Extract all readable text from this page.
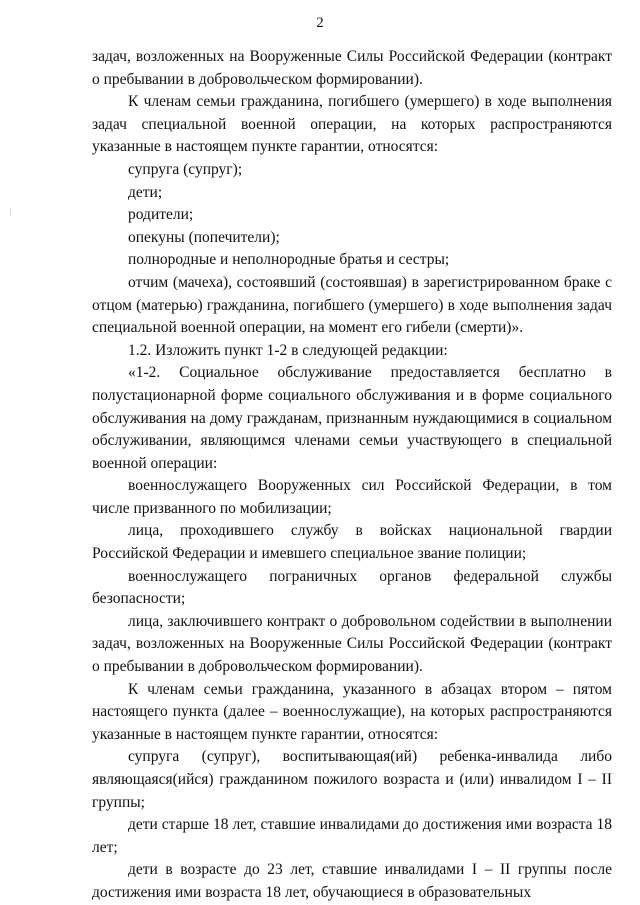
2

задач, возложенных на Вооруженные Силы Российской Федерации (контракт о пребывании в добровольческом формировании).

К членам семьи гражданина, погибшего (умершего) в ходе выполнения задач специальной военной операции, на которых распространяются указанные в настоящем пункте гарантии, относятся:

супруга (супруг);

дети;

родители;

опекуны (попечители);

полнородные и неполнородные братья и сестры;

отчим (мачеха), состоявший (состоявшая) в зарегистрированном браке с отцом (матерью) гражданина, погибшего (умершего) в ходе выполнения задач специальной военной операции, на момент его гибели (смерти)».

1.2. Изложить пункт 1-2 в следующей редакции:

«1-2. Социальное обслуживание предоставляется бесплатно в полустационарной форме социального обслуживания и в форме социального обслуживания на дому гражданам, признанным нуждающимися в социальном обслуживании, являющимся членами семьи участвующего в специальной военной операции:

военнослужащего Вооруженных сил Российской Федерации, в том числе призванного по мобилизации;

лица, проходившего службу в войсках национальной гвардии Российской Федерации и имевшего специальное звание полиции;

военнослужащего пограничных органов федеральной службы безопасности;

лица, заключившего контракт о добровольном содействии в выполнении задач, возложенных на Вооруженные Силы Российской Федерации (контракт о пребывании в добровольческом формировании).

К членам семьи гражданина, указанного в абзацах втором – пятом настоящего пункта (далее – военнослужащие), на которых распространяются указанные в настоящем пункте гарантии, относятся:

супруга (супруг), воспитывающая(ий) ребенка-инвалида либо являющаяся(ийся) гражданином пожилого возраста и (или) инвалидом I – II группы;

дети старше 18 лет, ставшие инвалидами до достижения ими возраста 18 лет;

дети в возрасте до 23 лет, ставшие инвалидами I – II группы после достижения ими возраста 18 лет, обучающиеся в образовательных
